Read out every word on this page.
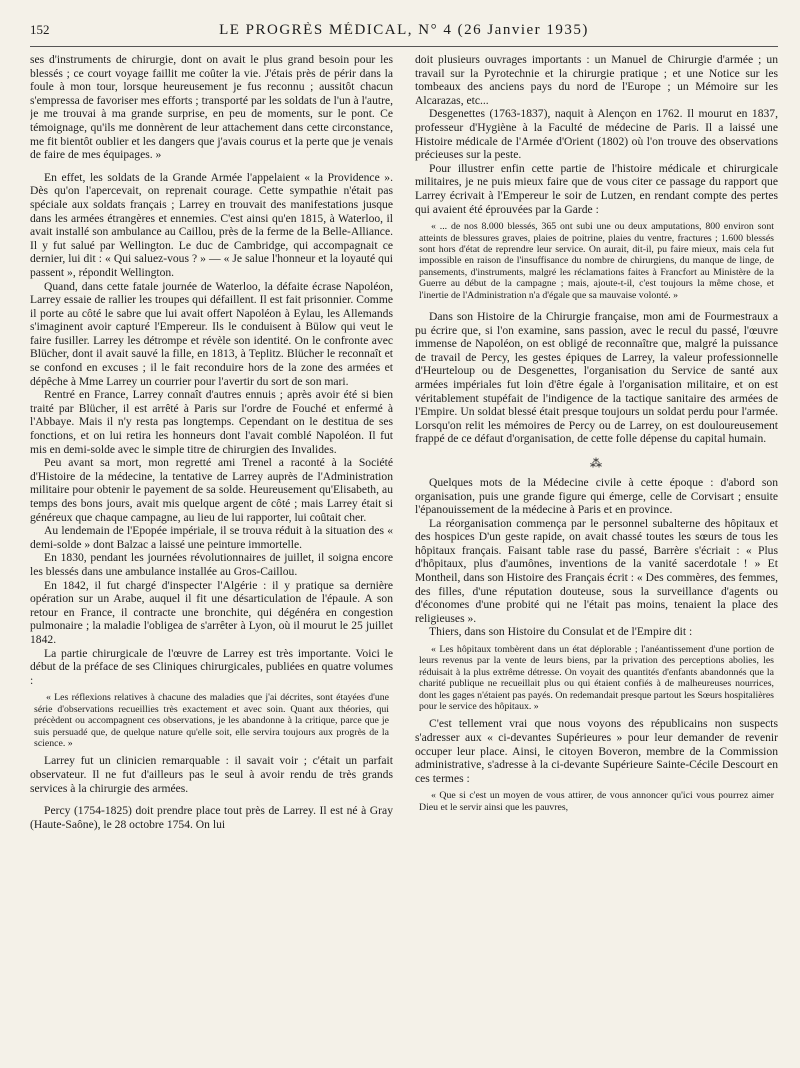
152	LE PROGRÈS MÉDICAL, N° 4 (26 Janvier 1935)

ses d'instruments de chirurgie, dont on avait le plus grand besoin pour les blessés ; ce court voyage faillit me coûter la vie. J'étais près de périr dans la foule à mon tour, lorsque heureusement je fus reconnu ; aussitôt chacun s'empressa de favoriser mes efforts ; transporté par les soldats de l'un à l'autre, je me trouvai à ma grande surprise, en peu de moments, sur le pont. Ce témoignage, qu'ils me donnèrent de leur attachement dans cette circonstance, me fit bientôt oublier et les dangers que j'avais courus et la perte que je venais de faire de mes équipages. »

En effet, les soldats de la Grande Armée l'appelaient « la Providence ». Dès qu'on l'apercevait, on reprenait courage. Cette sympathie n'était pas spéciale aux soldats français ; Larrey en trouvait des manifestations jusque dans les armées étrangères et ennemies. C'est ainsi qu'en 1815, à Waterloo, il avait installé son ambulance au Caillou, près de la ferme de la Belle-Alliance. Il y fut salué par Wellington. Le duc de Cambridge, qui accompagnait ce dernier, lui dit : « Qui saluez-vous ? » — « Je salue l'honneur et la loyauté qui passent », répondit Wellington.

Quand, dans cette fatale journée de Waterloo, la défaite écrase Napoléon, Larrey essaie de rallier les troupes qui défaillent. Il est fait prisonnier. Comme il porte au côté le sabre que lui avait offert Napoléon à Eylau, les Allemands s'imaginent avoir capturé l'Empereur. Ils le conduisent à Bülow qui veut le faire fusiller. Larrey les détrompe et révèle son identité. On le confronte avec Blücher, dont il avait sauvé la fille, en 1813, à Teplitz. Blücher le reconnaît et se confond en excuses ; il le fait reconduire hors de la zone des armées et dépêche à Mme Larrey un courrier pour l'avertir du sort de son mari.

Rentré en France, Larrey connaît d'autres ennuis ; après avoir été si bien traité par Blücher, il est arrêté à Paris sur l'ordre de Fouché et enfermé à l'Abbaye. Mais il n'y resta pas longtemps. Cependant on le destitua de ses fonctions, et on lui retira les honneurs dont l'avait comblé Napoléon. Il fut mis en demi-solde avec le simple titre de chirurgien des Invalides.

Peu avant sa mort, mon regretté ami Trenel a raconté à la Société d'Histoire de la médecine, la tentative de Larrey auprès de l'Administration militaire pour obtenir le payement de sa solde. Heureusement qu'Elisabeth, au temps des bons jours, avait mis quelque argent de côté ; mais Larrey était si généreux que chaque campagne, au lieu de lui rapporter, lui coûtait cher.

Au lendemain de l'Epopée impériale, il se trouva réduit à la situation des « demi-solde » dont Balzac a laissé une peinture immortelle.

En 1830, pendant les journées révolutionnaires de juillet, il soigna encore les blessés dans une ambulance installée au Gros-Caillou.

En 1842, il fut chargé d'inspecter l'Algérie : il y pratique sa dernière opération sur un Arabe, auquel il fit une désarticulation de l'épaule. A son retour en France, il contracte une bronchite, qui dégénéra en congestion pulmonaire ; la maladie l'obligea de s'arrêter à Lyon, où il mourut le 25 juillet 1842.

La partie chirurgicale de l'œuvre de Larrey est très importante. Voici le début de la préface de ses Cliniques chirurgicales, publiées en quatre volumes :

« Les réflexions relatives à chacune des maladies que j'ai décrites, sont étayées d'une série d'observations recueillies très exactement et avec soin. Quant aux théories, qui précèdent ou accompagnent ces observations, je les abandonne à la critique, parce que je suis persuadé que, de quelque nature qu'elle soit, elle servira toujours aux progrès de la science. »

Larrey fut un clinicien remarquable : il savait voir ; c'était un parfait observateur. Il ne fut d'ailleurs pas le seul à avoir rendu de très grands services à la chirurgie des armées.

Percy (1754-1825) doit prendre place tout près de Larrey. Il est né à Gray (Haute-Saône), le 28 octobre 1754. On lui

doit plusieurs ouvrages importants : un Manuel de Chirurgie d'armée ; un travail sur la Pyrotechnie et la chirurgie pratique ; et une Notice sur les tombeaux des anciens pays du nord de l'Europe ; un Mémoire sur les Alcarazas, etc...

Desgenettes (1763-1837), naquit à Alençon en 1762. Il mourut en 1837, professeur d'Hygiène à la Faculté de médecine de Paris. Il a laissé une Histoire médicale de l'Armée d'Orient (1802) où l'on trouve des observations précieuses sur la peste.

Pour illustrer enfin cette partie de l'histoire médicale et chirurgicale militaires, je ne puis mieux faire que de vous citer ce passage du rapport que Larrey écrivait à l'Empereur le soir de Lutzen, en rendant compte des pertes qui avaient été éprouvées par la Garde :

« ... de nos 8.000 blessés, 365 ont subi une ou deux amputations, 800 environ sont atteints de blessures graves, plaies de poitrine, plaies du ventre, fractures ; 1.600 blessés sont hors d'état de reprendre leur service. On aurait, dit-il, pu faire mieux, mais cela fut impossible en raison de l'insuffisance du nombre de chirurgiens, du manque de linge, de pansements, d'instruments, malgré les réclamations faites à Francfort au Ministère de la Guerre au début de la campagne ; mais, ajoute-t-il, c'est toujours la même chose, et l'inertie de l'Administration n'a d'égale que sa mauvaise volonté. »

Dans son Histoire de la Chirurgie française, mon ami de Fourmestraux a pu écrire que, si l'on examine, sans passion, avec le recul du passé, l'œuvre immense de Napoléon, on est obligé de reconnaître que, malgré la puissance de travail de Percy, les gestes épiques de Larrey, la valeur professionnelle d'Heurteloup ou de Desgenettes, l'organisation du Service de santé aux armées impériales fut loin d'être égale à l'organisation militaire, et on est véritablement stupéfait de l'indigence de la tactique sanitaire des armées de l'Empire. Un soldat blessé était presque toujours un soldat perdu pour l'armée. Lorsqu'on relit les mémoires de Percy ou de Larrey, on est douloureusement frappé de ce défaut d'organisation, de cette folle dépense du capital humain.

⁂

Quelques mots de la Médecine civile à cette époque : d'abord son organisation, puis une grande figure qui émerge, celle de Corvisart ; ensuite l'épanouissement de la médecine à Paris et en province.

La réorganisation commença par le personnel subalterne des hôpitaux et des hospices D'un geste rapide, on avait chassé toutes les sœurs de tous les hôpitaux français. Faisant table rase du passé, Barrère s'écriait : « Plus d'hôpitaux, plus d'aumônes, inventions de la vanité sacerdotale ! » Et Montheil, dans son Histoire des Français écrit : « Des commères, des femmes, des filles, d'une réputation douteuse, sous la surveillance d'agents ou d'économes d'une probité qui ne l'était pas moins, tenaient la place des religieuses ».

Thiers, dans son Histoire du Consulat et de l'Empire dit :

« Les hôpitaux tombèrent dans un état déplorable ; l'anéantissement d'une portion de leurs revenus par la vente de leurs biens, par la privation des perceptions abolies, les réduisait à la plus extrême détresse. On voyait des quantités d'enfants abandonnés que la charité publique ne recueillait plus ou qui étaient confiés à de malheureuses nourrices, dont les gages n'étaient pas payés. On redemandait presque partout les Sœurs hospitalières pour le service des hôpitaux. »

C'est tellement vrai que nous voyons des républicains non suspects s'adresser aux « ci-devantes Supérieures » pour leur demander de revenir occuper leur place. Ainsi, le citoyen Boveron, membre de la Commission administrative, s'adresse à la ci-devante Supérieure Sainte-Cécile Descourt en ces termes :

« Que si c'est un moyen de vous attirer, de vous annoncer qu'ici vous pourrez aimer Dieu et le servir ainsi que les pauvres,
